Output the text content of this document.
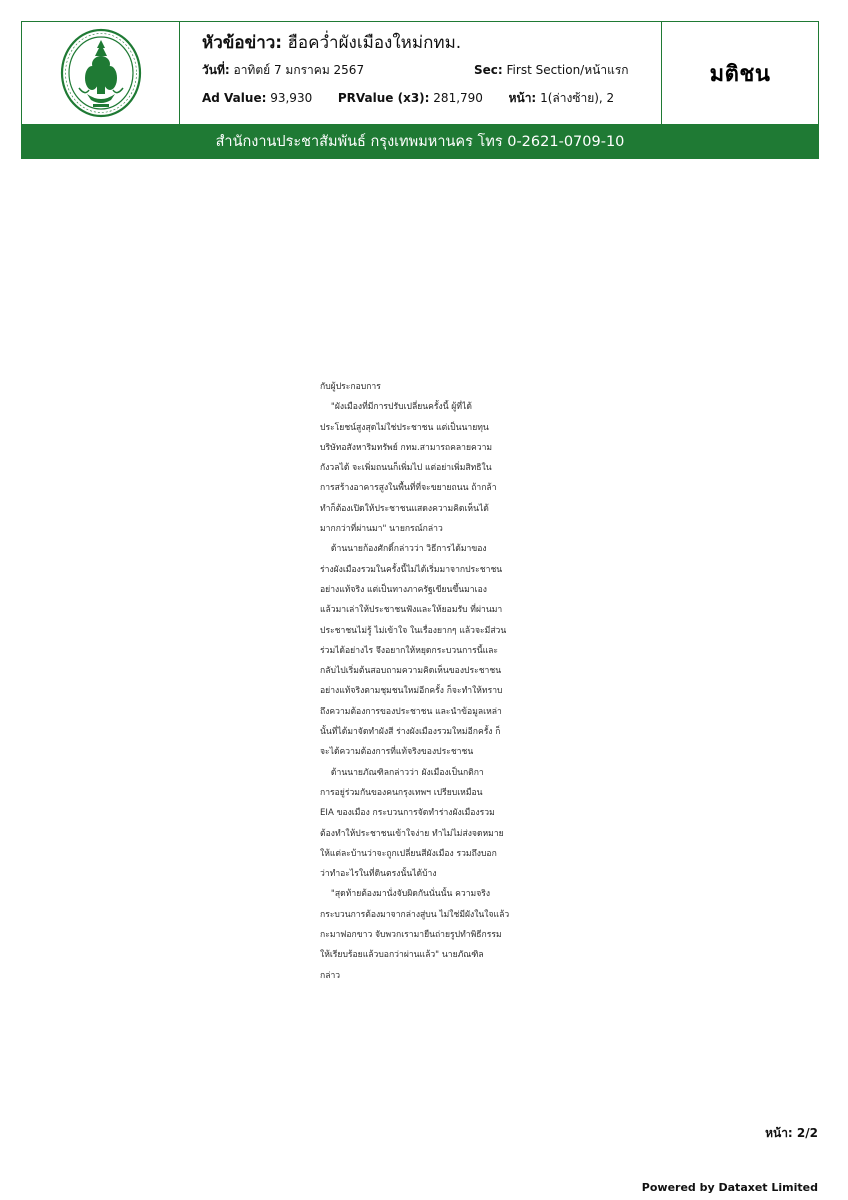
หัวข้อข่าว: ฮือคว่ำผังเมืองใหม่กทม.
วันที่: อาทิตย์ 7 มกราคม 2567	Sec: First Section/หน้าแรก
Ad Value: 93,930 PRValue (x3): 281,790 หน้า: 1(ล่างซ้าย), 2
มติชน
สำนักงานประชาสัมพันธ์ กรุงเทพมหานคร โทร 0-2621-0709-10

กับผู้ประกอบการ

"ผังเมืองที่มีการปรับเปลี่ยนครั้งนี้ ผู้ที่ได้

ประโยชน์สูงสุดไม่ใช่ประชาชน แต่เป็นนายทุน

บริษัทอสังหาริมทรัพย์ กทม.สามารถคลายความ

กังวลได้ จะเพิ่มถนนก็เพิ่มไป แต่อย่าเพิ่มสิทธิใน

การสร้างอาคารสูงในพื้นที่ที่จะขยายถนน ถ้ากล้า

ทำก็ต้องเปิดให้ประชาชนแสดงความคิดเห็นได้

มากกว่าที่ผ่านมา" นายกรณ์กล่าว

ด้านนายก้องศักดิ์กล่าวว่า วิธีการได้มาของ

ร่างผังเมืองรวมในครั้งนี้ไม่ได้เริ่มมาจากประชาชน

อย่างแท้จริง แต่เป็นทางภาครัฐเขียนขึ้นมาเอง

แล้วมาเล่าให้ประชาชนฟังและให้ยอมรับ ที่ผ่านมา

ประชาชนไม่รู้ ไม่เข้าใจ ในเรื่องยากๆ แล้วจะมีส่วน

ร่วมได้อย่างไร จึงอยากให้หยุดกระบวนการนี้และ

กลับไปเริ่มต้นสอบถามความคิดเห็นของประชาชน

อย่างแท้จริงตามชุมชนใหม่อีกครั้ง ก็จะทำให้ทราบ

ถึงความต้องการของประชาชน และนำข้อมูลเหล่า

นั้นที่ได้มาจัดทำผังสี ร่างผังเมืองรวมใหม่อีกครั้ง ก็

จะได้ความต้องการที่แท้จริงของประชาชน

ด้านนายภัณฑิลกล่าวว่า ผังเมืองเป็นกติกา

การอยู่ร่วมกันของคนกรุงเทพฯ เปรียบเหมือน

EIA ของเมือง กระบวนการจัดทำร่างผังเมืองรวม

ต้องทำให้ประชาชนเข้าใจง่าย ทำไม่ไม่ส่งจดหมาย

ให้แต่ละบ้านว่าจะถูกเปลี่ยนสีผังเมือง รวมถึงบอก

ว่าทำอะไรในที่ดินตรงนั้นได้บ้าง

"สุดท้ายต้องมานั่งจับผิดกันนั่นนั้น ความจริง

กระบวนการต้องมาจากล่างสู่บน ไม่ใช่มีผังในใจแล้ว

กะมาฟอกขาว จับพวกเรามายืนถ่ายรูปทำพิธีกรรม

ให้เรียบร้อยแล้วบอกว่าผ่านแล้ว" นายภัณฑิล

กล่าว

หน้า: 2/2
Powered by Dataxet Limited
